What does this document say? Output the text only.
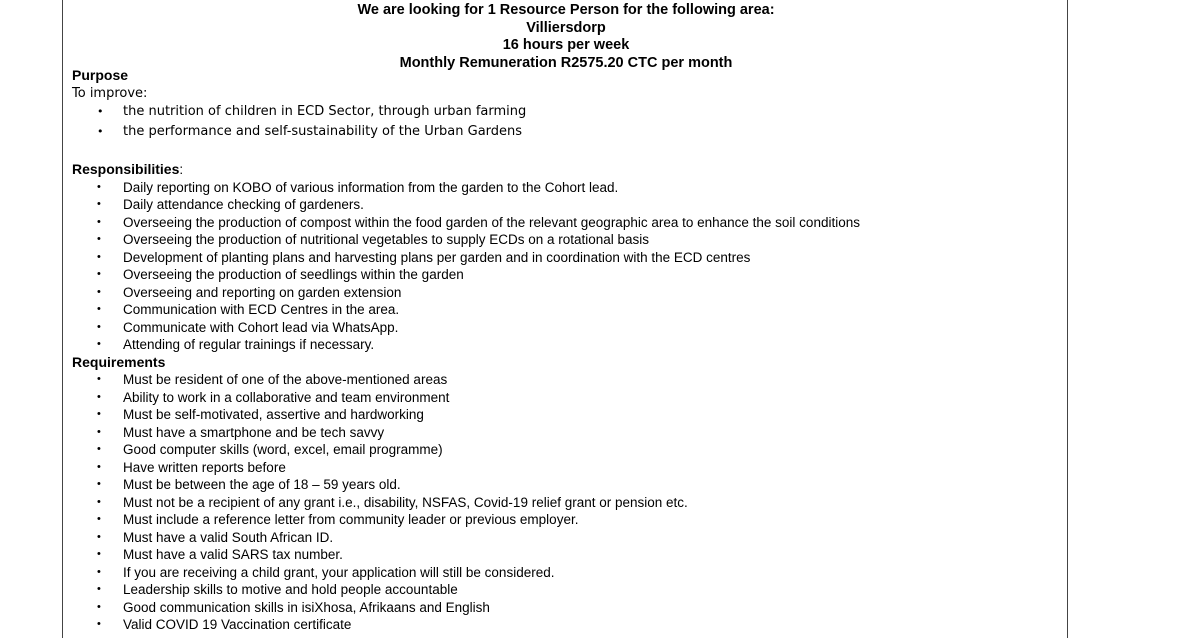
We are looking for 1 Resource Person for the following area:
Villiersdorp
16 hours per week
Monthly Remuneration R2575.20 CTC per month
Purpose
To improve:
• the nutrition of children in ECD Sector, through urban farming
• the performance and self-sustainability of the Urban Gardens
Responsibilities:
• Daily reporting on KOBO of various information from the garden to the Cohort lead.
• Daily attendance checking of gardeners.
• Overseeing the production of compost within the food garden of the relevant geographic area to enhance the soil conditions
• Overseeing the production of nutritional vegetables to supply ECDs on a rotational basis
• Development of planting plans and harvesting plans per garden and in coordination with the ECD centres
• Overseeing the production of seedlings within the garden
• Overseeing and reporting on garden extension
• Communication with ECD Centres in the area.
• Communicate with Cohort lead via WhatsApp.
• Attending of regular trainings if necessary.
Requirements
• Must be resident of one of the above-mentioned areas
• Ability to work in a collaborative and team environment
• Must be self-motivated, assertive and hardworking
• Must have a smartphone and be tech savvy
• Good computer skills (word, excel, email programme)
• Have written reports before
• Must be between the age of 18 – 59 years old.
• Must not be a recipient of any grant i.e., disability, NSFAS, Covid-19 relief grant or pension etc.
• Must include a reference letter from community leader or previous employer.
• Must have a valid South African ID.
• Must have a valid SARS tax number.
• If you are receiving a child grant, your application will still be considered.
• Leadership skills to motive and hold people accountable
• Good communication skills in isiXhosa, Afrikaans and English
• Valid COVID 19 Vaccination certificate
